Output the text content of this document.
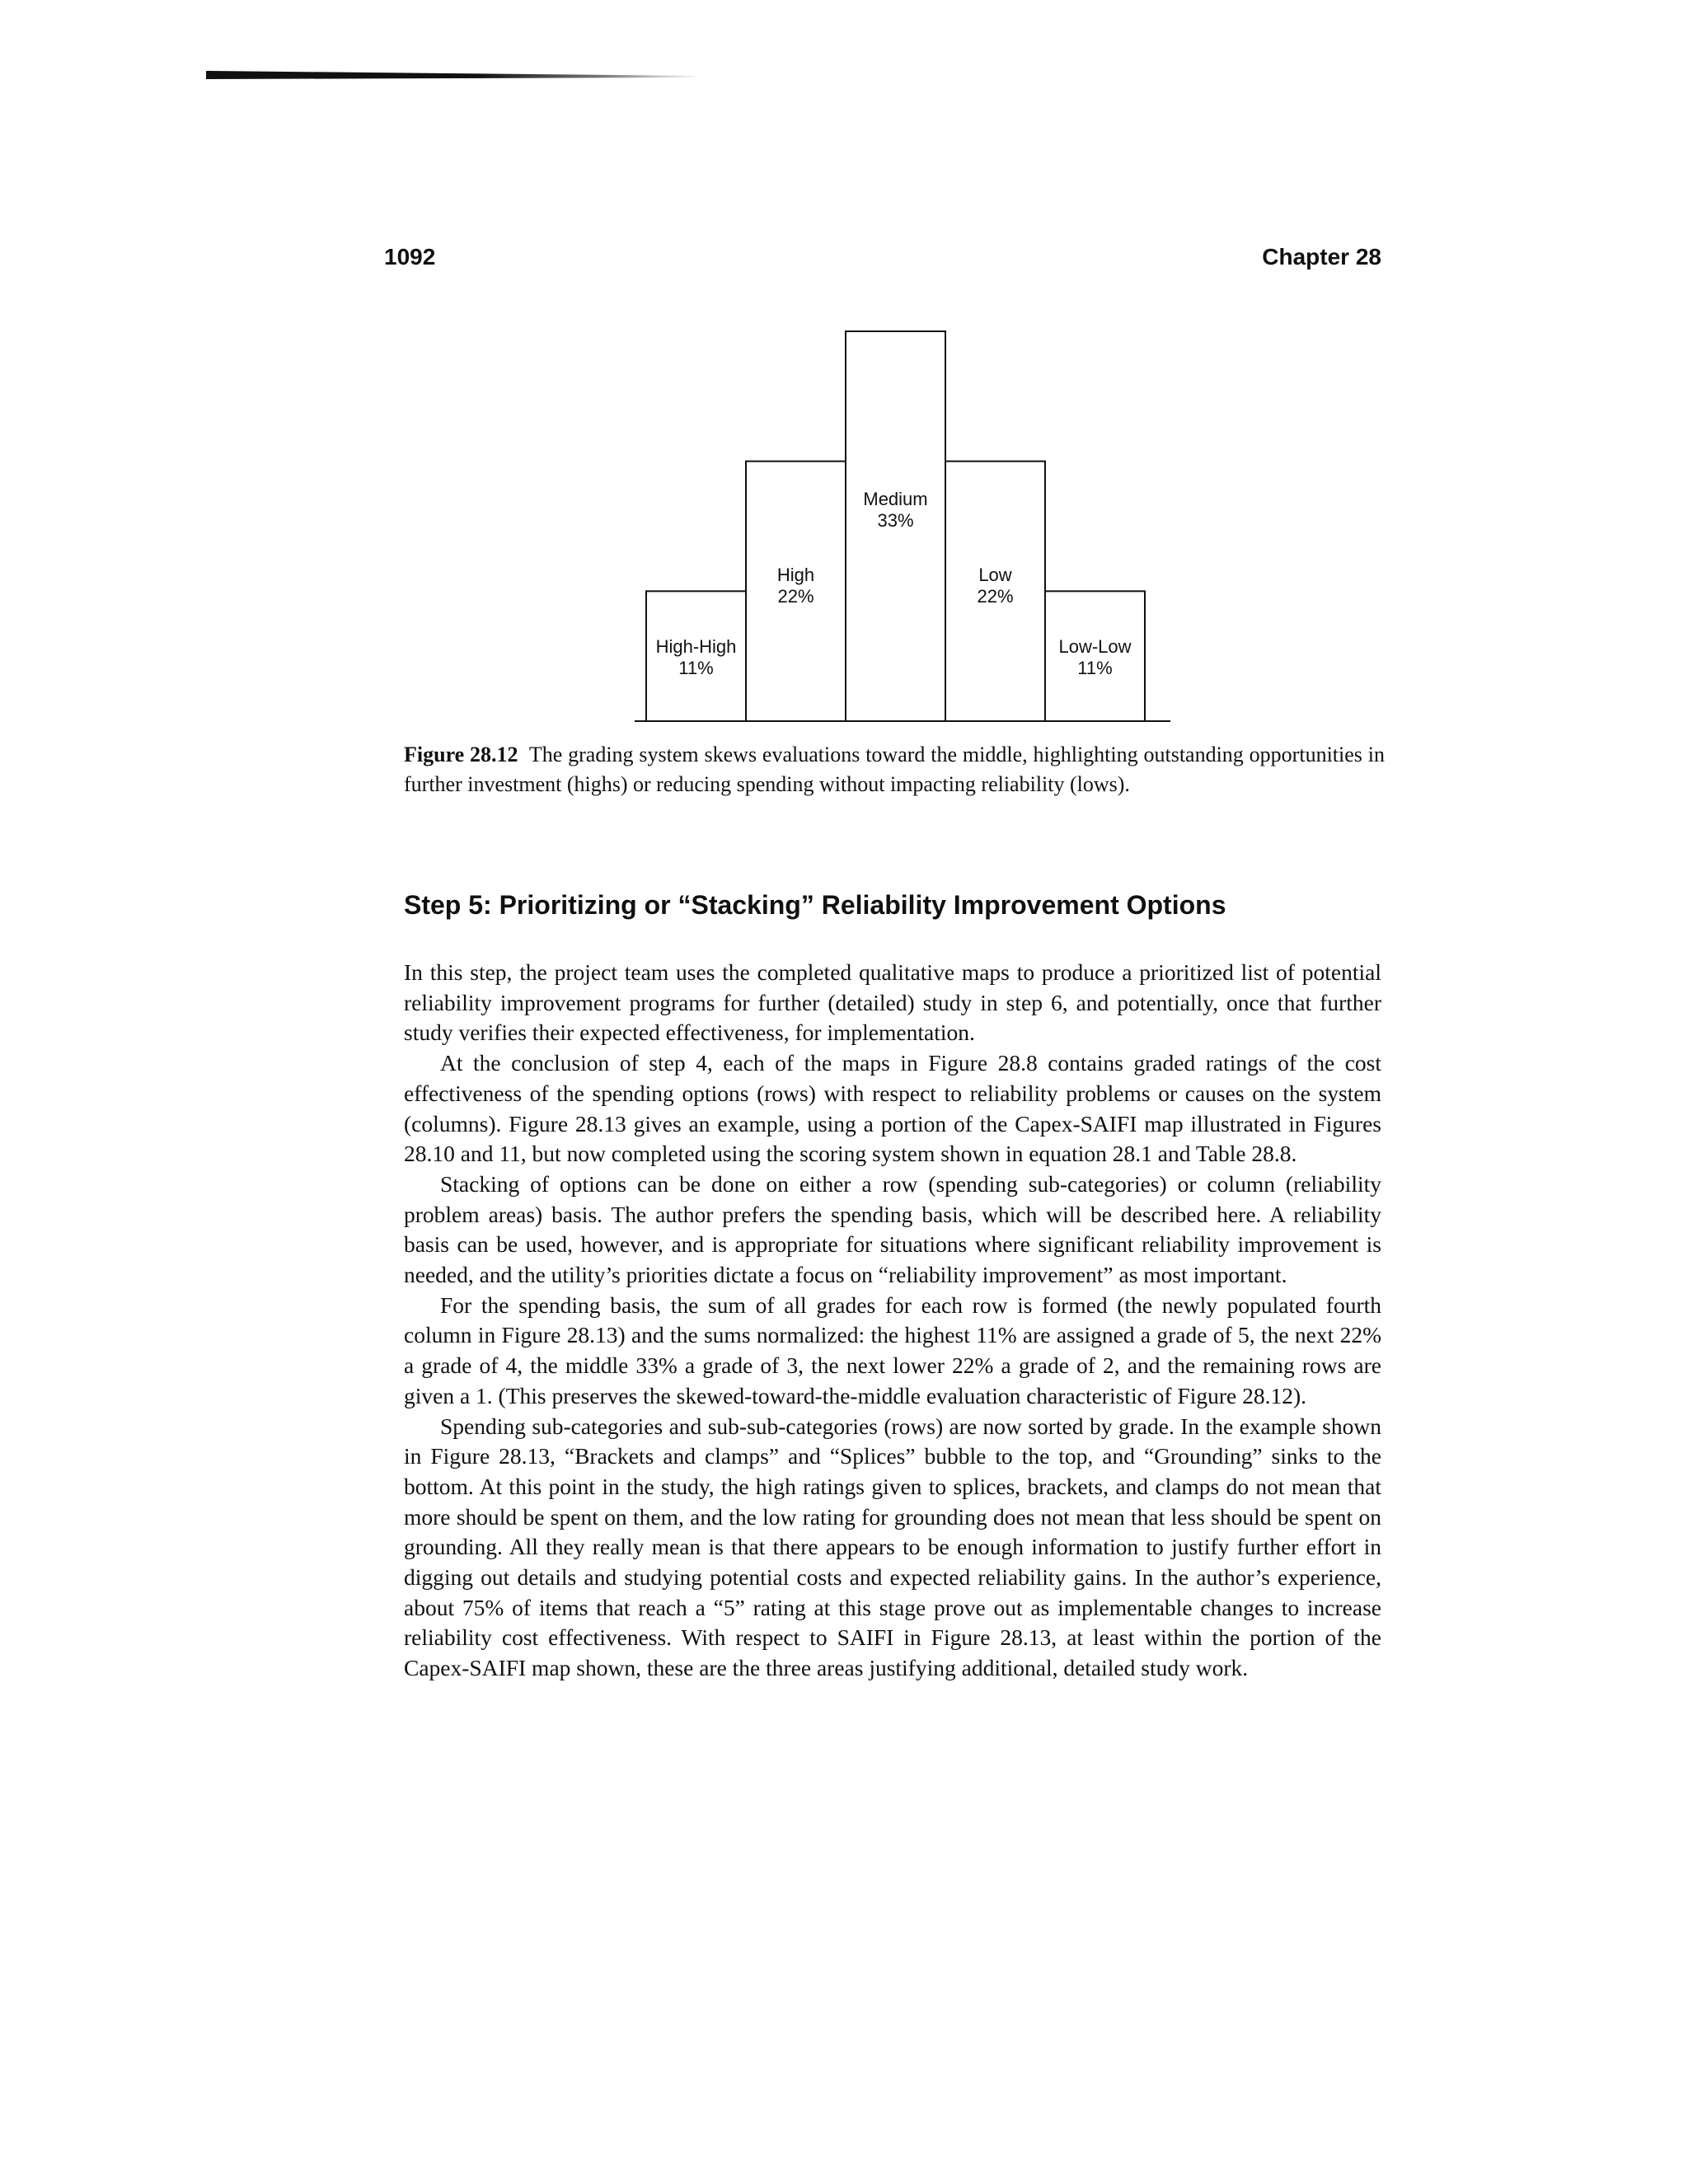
1092	Chapter 28
High-High
11%
High
22%
Medium
33%
Low
22%
Low-Low
11%
Figure 28.12 The grading system skews evaluations toward the middle, highlighting outstanding opportunities in further investment (highs) or reducing spending without impacting reliability (lows).
Step 5: Prioritizing or “Stacking” Reliability Improvement Options

In this step, the project team uses the completed qualitative maps to produce a prioritized list of potential reliability improvement programs for further (detailed) study in step 6, and potentially, once that further study verifies their expected effectiveness, for implementation.

At the conclusion of step 4, each of the maps in Figure 28.8 contains graded ratings of the cost effectiveness of the spending options (rows) with respect to reliability problems or causes on the system (columns). Figure 28.13 gives an example, using a portion of the Capex-SAIFI map illustrated in Figures 28.10 and 11, but now completed using the scoring system shown in equation 28.1 and Table 28.8.

Stacking of options can be done on either a row (spending sub-categories) or column (reliability problem areas) basis. The author prefers the spending basis, which will be described here. A reliability basis can be used, however, and is appropriate for situations where significant reliability improvement is needed, and the utility’s priorities dictate a focus on “reliability improvement” as most important.

For the spending basis, the sum of all grades for each row is formed (the newly populated fourth column in Figure 28.13) and the sums normalized: the highest 11% are assigned a grade of 5, the next 22% a grade of 4, the middle 33% a grade of 3, the next lower 22% a grade of 2, and the remaining rows are given a 1. (This preserves the skewed-toward-the-middle evaluation characteristic of Figure 28.12).

Spending sub-categories and sub-sub-categories (rows) are now sorted by grade. In the example shown in Figure 28.13, “Brackets and clamps” and “Splices” bubble to the top, and “Grounding” sinks to the bottom. At this point in the study, the high ratings given to splices, brackets, and clamps do not mean that more should be spent on them, and the low rating for grounding does not mean that less should be spent on grounding. All they really mean is that there appears to be enough information to justify further effort in digging out details and studying potential costs and expected reliability gains. In the author’s experience, about 75% of items that reach a “5” rating at this stage prove out as implementable changes to increase reliability cost effectiveness. With respect to SAIFI in Figure 28.13, at least within the portion of the Capex-SAIFI map shown, these are the three areas justifying additional, detailed study work.
